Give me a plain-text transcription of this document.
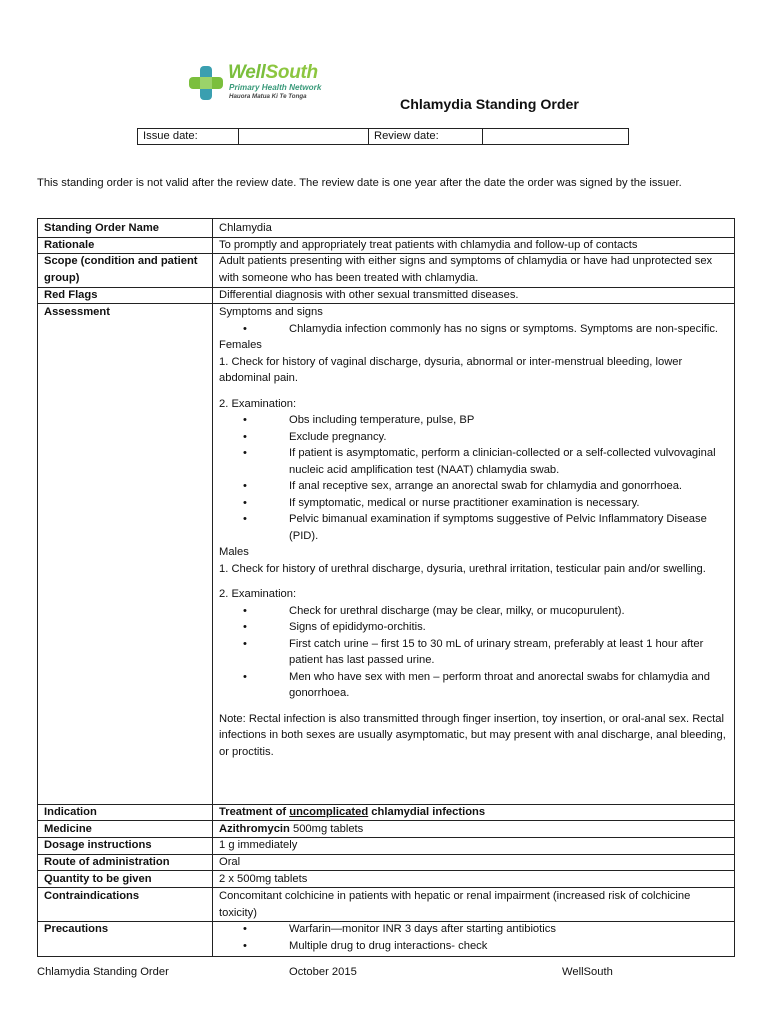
WellSouth
Primary Health Network
Hauora Matua Ki Te Tonga
Chlamydia Standing Order
Issue date:		Review date:	
This standing order is not valid after the review date. The review date is one year after the date the order was signed by the issuer.
Standing Order Name	Chlamydia
Rationale	To promptly and appropriately treat patients with chlamydia and follow-up of contacts
Scope (condition and patient group)
Adult patients presenting with either signs and symptoms of chlamydia or have had unprotected sex with someone who has been treated with chlamydia.
Red Flags	Differential diagnosis with other sexual transmitted diseases.
Assessment	Symptoms and signs
• Chlamydia infection commonly has no signs or symptoms. Symptoms are non-specific.
Females
1. Check for history of vaginal discharge, dysuria, abnormal or inter-menstrual bleeding, lower abdominal pain.
2. Examination:
• Obs including temperature, pulse, BP
• Exclude pregnancy.
• If patient is asymptomatic, perform a clinician-collected or a self-collected vulvovaginal nucleic acid amplification test (NAAT) chlamydia swab.
• If anal receptive sex, arrange an anorectal swab for chlamydia and gonorrhoea.
• If symptomatic, medical or nurse practitioner examination is necessary.
• Pelvic bimanual examination if symptoms suggestive of Pelvic Inflammatory Disease (PID).
Males
1. Check for history of urethral discharge, dysuria, urethral irritation, testicular pain and/or swelling.
2. Examination:
• Check for urethral discharge (may be clear, milky, or mucopurulent).
• Signs of epididymo-orchitis.
• First catch urine – first 15 to 30 mL of urinary stream, preferably at least 1 hour after patient has last passed urine.
• Men who have sex with men – perform throat and anorectal swabs for chlamydia and gonorrhoea.
Note: Rectal infection is also transmitted through finger insertion, toy insertion, or oral-anal sex. Rectal infections in both sexes are usually asymptomatic, but may present with anal discharge, anal bleeding, or proctitis.
Indication	Treatment of uncomplicated chlamydial infections
Medicine	Azithromycin 500mg tablets
Dosage instructions	1 g immediately
Route of administration	Oral
Quantity to be given	2 x 500mg tablets
Contraindications	Concomitant colchicine in patients with hepatic or renal impairment (increased risk of colchicine toxicity)
Precautions
•	Warfarin—monitor INR 3 days after starting antibiotics
• Multiple drug to drug interactions- check
Chlamydia Standing Order	October 2015	WellSouth
